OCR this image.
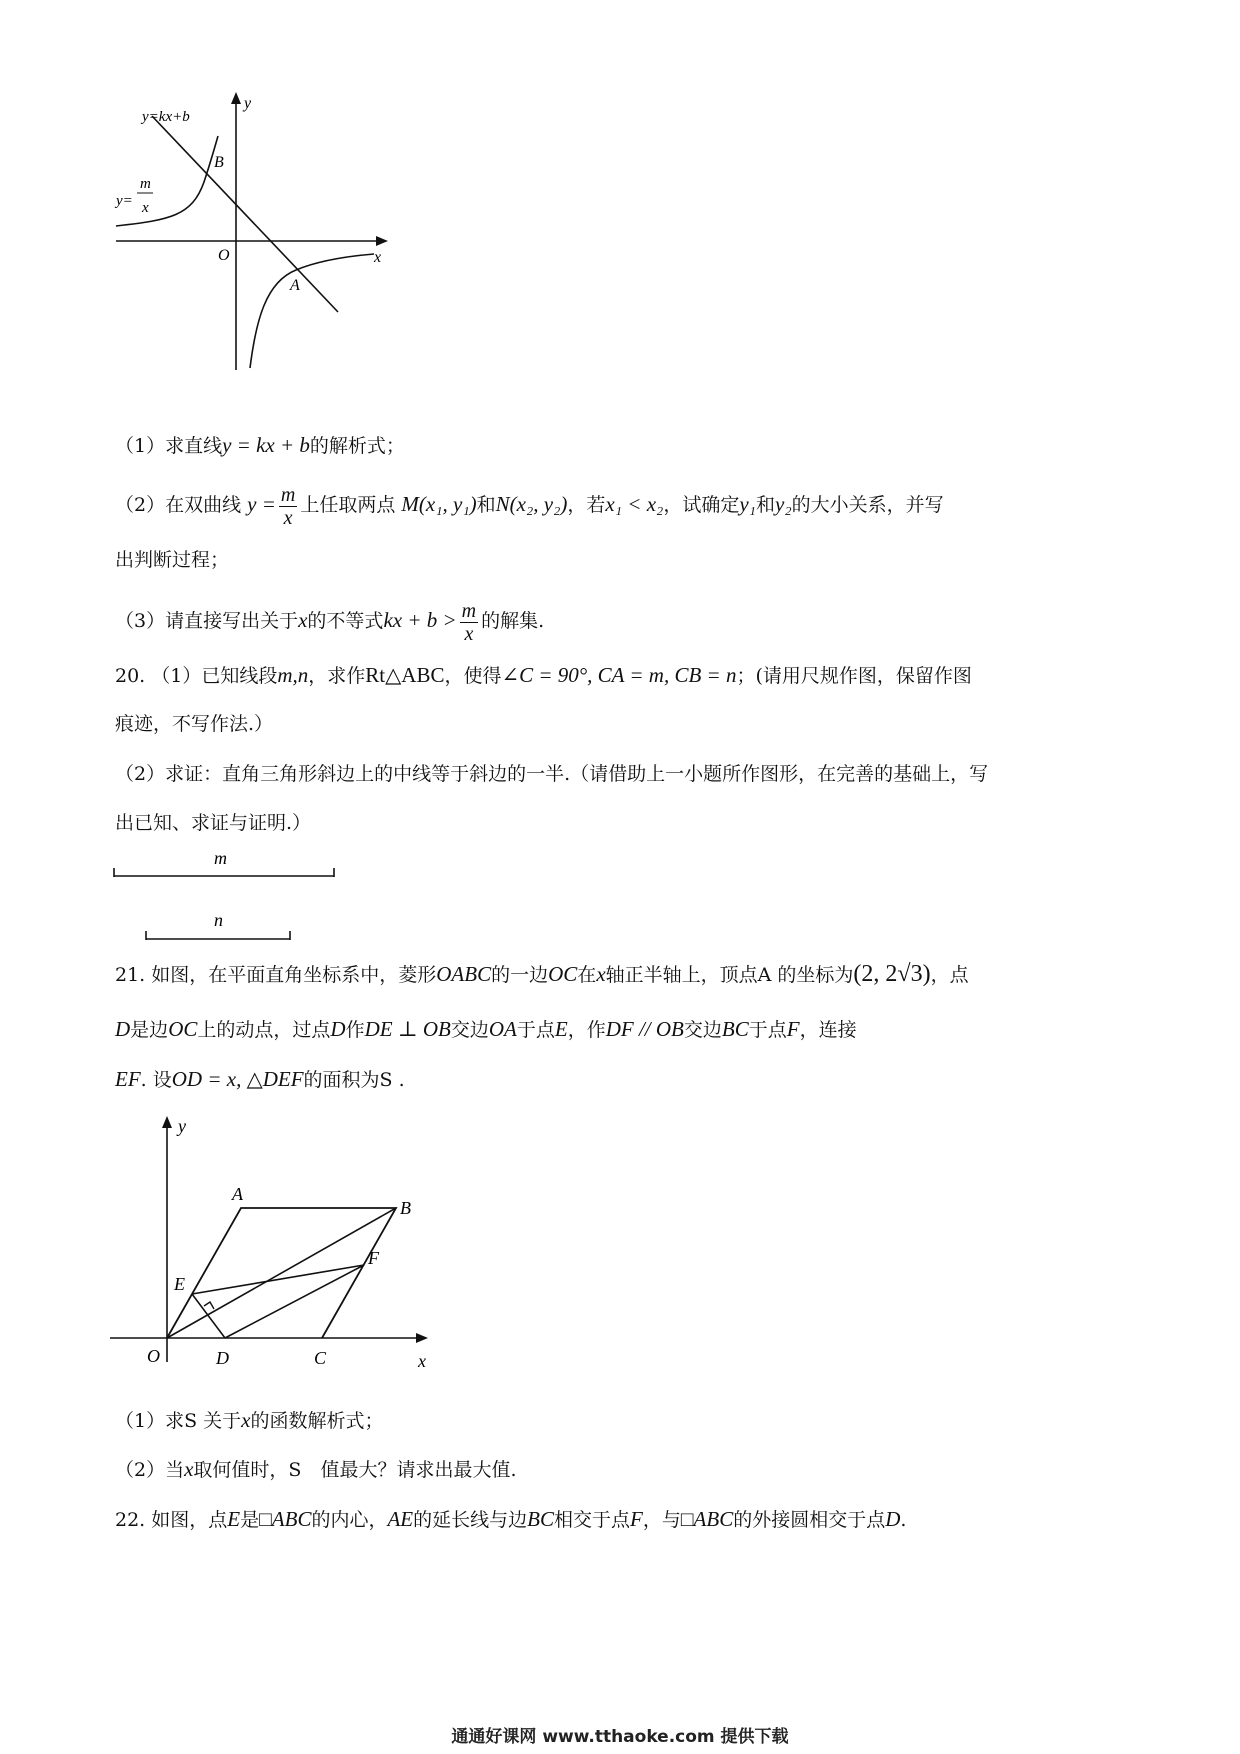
y=kx+b
y=
m
x
y
x
O
B
A
（1）求直线y = kx + b的解析式；
（2）在双曲线 $y = \frac{m}{x}$ 上任取两点 M(x₁, y₁)和N(x₂, y₂)，若x₁ < x₂，试确定y₁和y₂的大小关系，并写
出判断过程；
（3）请直接写出关于x的不等式kx + $b > \frac{m}{x}$ 的解集.
20. （1）已知线段m,n，求作Rt△ABC，使得∠C = 90°, CA = m, CB = n；(请用尺规作图，保留作图
痕迹，不写作法.）
（2）求证：直角三角形斜边上的中线等于斜边的一半.（请借助上一小题所作图形，在完善的基础上，写
出已知、求证与证明.）
m
n
21. 如图，在平面直角坐标系中，菱形OABC的一边OC在x轴正半轴上，顶点A 的坐标为(2, 2√3)，点
D是边OC上的动点，过点D作DE ⊥ OB交边OA于点E，作DF // OB交边BC于点F，连接
EF. 设OD = x, △DEF的面积为S .
y
x
O
A
B
C
D
E
F
（1）求S 关于x的函数解析式；
（2）当x取何值时，S　值最大？请求出最大值.
22. 如图，点E是□ABC的内心，AE的延长线与边BC相交于点F，与□ABC的外接圆相交于点D.
通通好课网 www.tthaoke.com 提供下载
